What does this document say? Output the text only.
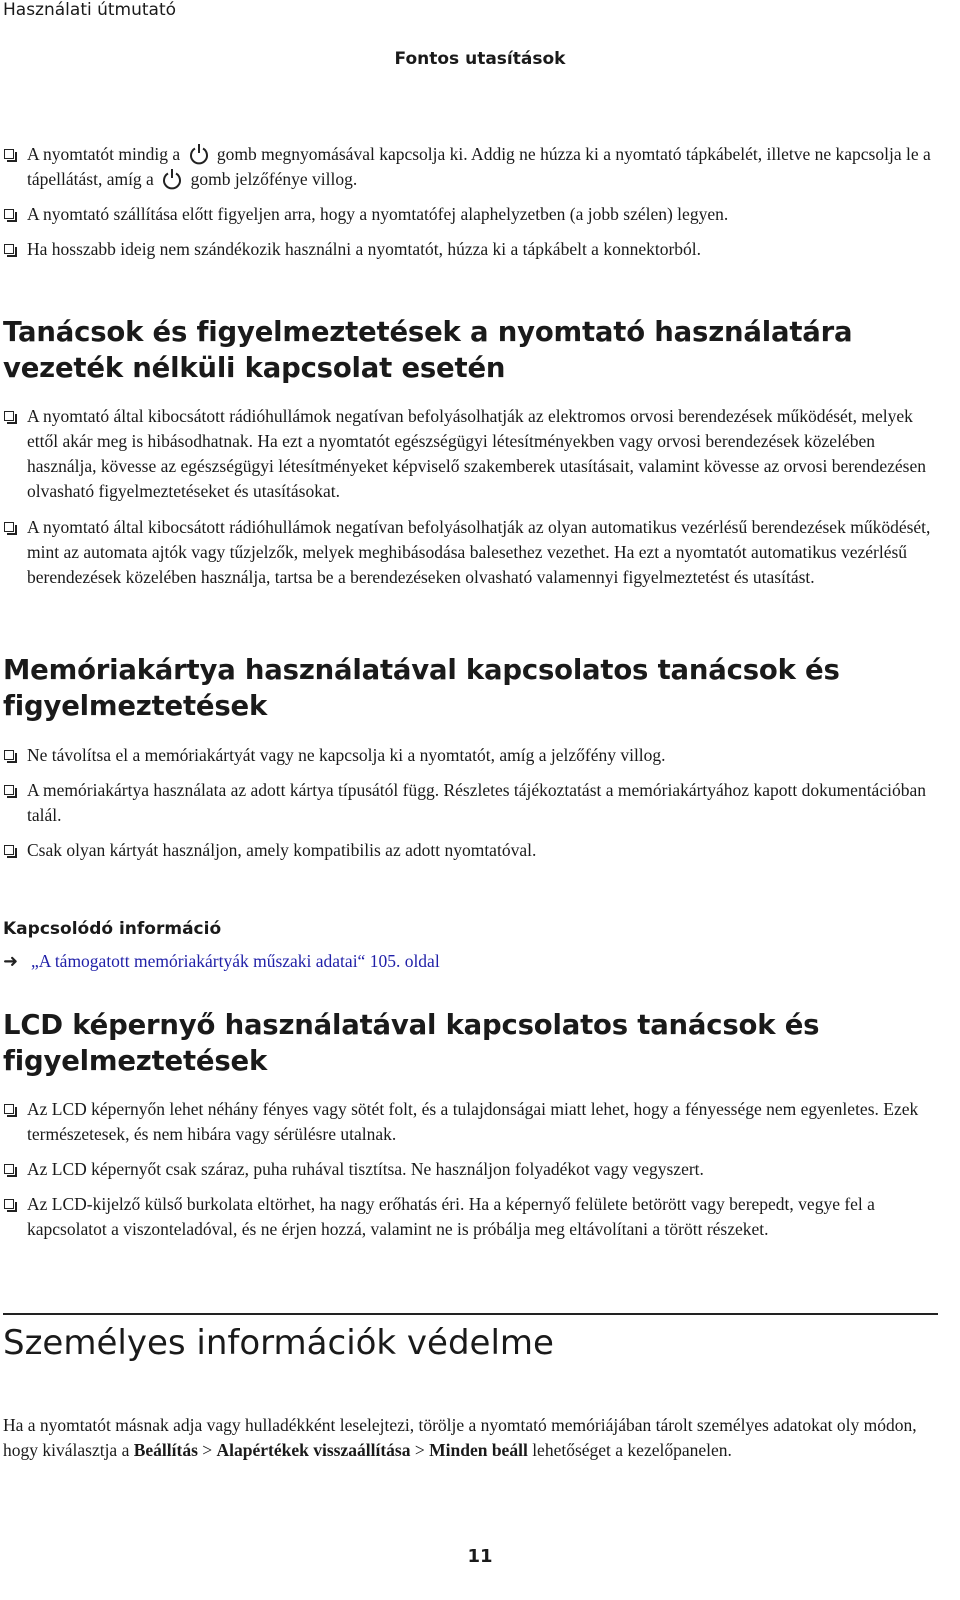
Használati útmutató
Fontos utasítások
A nyomtatót mindig a gomb megnyomásával kapcsolja ki. Addig ne húzza ki a nyomtató tápkábelét, illetve ne kapcsolja le a tápellátást, amíg a gomb jelzőfénye villog.
A nyomtató szállítása előtt figyeljen arra, hogy a nyomtatófej alaphelyzetben (a jobb szélen) legyen.
Ha hosszabb ideig nem szándékozik használni a nyomtatót, húzza ki a tápkábelt a konnektorból.
Tanácsok és figyelmeztetések a nyomtató használatára vezeték nélküli kapcsolat esetén
A nyomtató által kibocsátott rádióhullámok negatívan befolyásolhatják az elektromos orvosi berendezések működését, melyek ettől akár meg is hibásodhatnak. Ha ezt a nyomtatót egészségügyi létesítményekben vagy orvosi berendezések közelében használja, kövesse az egészségügyi létesítményeket képviselő szakemberek utasításait, valamint kövesse az orvosi berendezésen olvasható figyelmeztetéseket és utasításokat.
A nyomtató által kibocsátott rádióhullámok negatívan befolyásolhatják az olyan automatikus vezérlésű berendezések működését, mint az automata ajtók vagy tűzjelzők, melyek meghibásodása balesethez vezethet. Ha ezt a nyomtatót automatikus vezérlésű berendezések közelében használja, tartsa be a berendezéseken olvasható valamennyi figyelmeztetést és utasítást.
Memóriakártya használatával kapcsolatos tanácsok és figyelmeztetések
Ne távolítsa el a memóriakártyát vagy ne kapcsolja ki a nyomtatót, amíg a jelzőfény villog.
A memóriakártya használata az adott kártya típusától függ. Részletes tájékoztatást a memóriakártyához kapott dokumentációban talál.
Csak olyan kártyát használjon, amely kompatibilis az adott nyomtatóval.
Kapcsolódó információ
➜ „A támogatott memóriakártyák műszaki adatai“ 105. oldal
LCD képernyő használatával kapcsolatos tanácsok és figyelmeztetések
Az LCD képernyőn lehet néhány fényes vagy sötét folt, és a tulajdonságai miatt lehet, hogy a fényessége nem egyenletes. Ezek természetesek, és nem hibára vagy sérülésre utalnak.
Az LCD képernyőt csak száraz, puha ruhával tisztítsa. Ne használjon folyadékot vagy vegyszert.
Az LCD-kijelző külső burkolata eltörhet, ha nagy erőhatás éri. Ha a képernyő felülete betörött vagy berepedt, vegye fel a kapcsolatot a viszonteladóval, és ne érjen hozzá, valamint ne is próbálja meg eltávolítani a törött részeket.
Személyes információk védelme
Ha a nyomtatót másnak adja vagy hulladékként leselejtezi, törölje a nyomtató memóriájában tárolt személyes adatokat oly módon, hogy kiválasztja a Beállítás > Alapértékek visszaállítása > Minden beáll lehetőséget a kezelőpanelen.
11
